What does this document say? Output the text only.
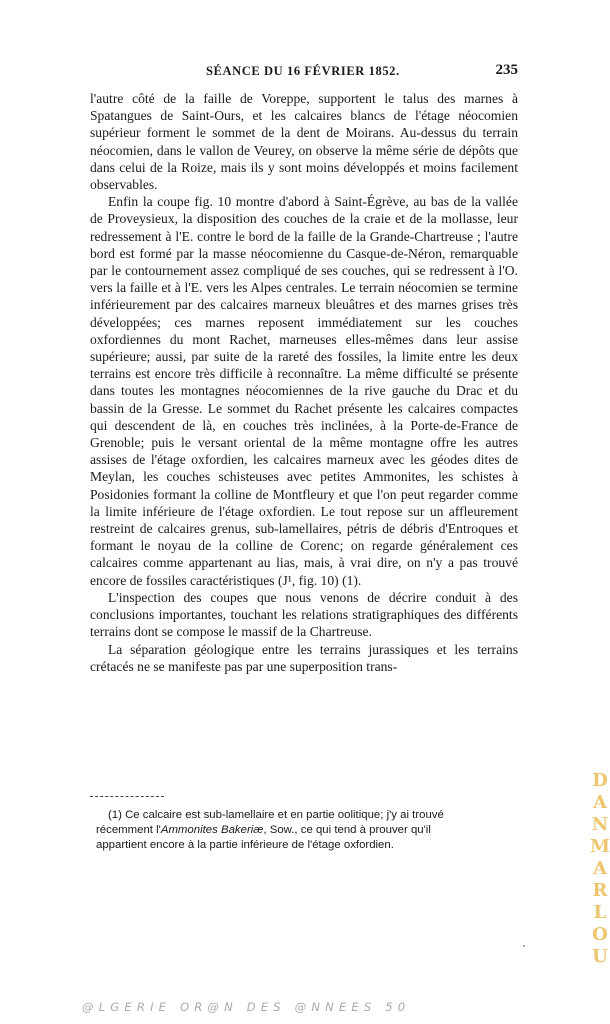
SÉANCE DU 16 FÉVRIER 1852.	235

l'autre côté de la faille de Voreppe, supportent le talus des marnes à Spatangues de Saint-Ours, et les calcaires blancs de l'étage néocomien supérieur forment le sommet de la dent de Moirans. Au-dessus du terrain néocomien, dans le vallon de Veurey, on observe la même série de dépôts que dans celui de la Roize, mais ils y sont moins développés et moins facilement observables.

Enfin la coupe fig. 10 montre d'abord à Saint-Égrève, au bas de la vallée de Proveysieux, la disposition des couches de la craie et de la mollasse, leur redressement à l'E. contre le bord de la faille de la Grande-Chartreuse ; l'autre bord est formé par la masse néocomienne du Casque-de-Néron, remarquable par le contournement assez compliqué de ses couches, qui se redressent à l'O. vers la faille et à l'E. vers les Alpes centrales. Le terrain néocomien se termine inférieurement par des calcaires marneux bleuâtres et des marnes grises très développées; ces marnes reposent immédiatement sur les couches oxfordiennes du mont Rachet, marneuses elles-mêmes dans leur assise supérieure; aussi, par suite de la rareté des fossiles, la limite entre les deux terrains est encore très difficile à reconnaître. La même difficulté se présente dans toutes les montagnes néocomiennes de la rive gauche du Drac et du bassin de la Gresse. Le sommet du Rachet présente les calcaires compactes qui descendent de là, en couches très inclinées, à la Porte-de-France de Grenoble; puis le versant oriental de la même montagne offre les autres assises de l'étage oxfordien, les calcaires marneux avec les géodes dites de Meylan, les couches schisteuses avec petites Ammonites, les schistes à Posidonies formant la colline de Montfleury et que l'on peut regarder comme la limite inférieure de l'étage oxfordien. Le tout repose sur un affleurement restreint de calcaires grenus, sub-lamellaires, pétris de débris d'Entroques et formant le noyau de la colline de Corenc; on regarde généralement ces calcaires comme appartenant au lias, mais, à vrai dire, on n'y a pas trouvé encore de fossiles caractéristiques (J¹, fig. 10) (1).

L'inspection des coupes que nous venons de décrire conduit à des conclusions importantes, touchant les relations stratigraphiques des différents terrains dont se compose le massif de la Chartreuse.

La séparation géologique entre les terrains jurassiques et les terrains crétacés ne se manifeste pas par une superposition trans-

(1) Ce calcaire est sub-lamellaire et en partie oolitique; j'y ai trouvé
récemment l'Ammonites Bakeriæ, Sow., ce qui tend à prouver qu'il
appartient encore à la partie inférieure de l'étage oxfordien.
DANMARLOU
@LGERIE OR@N DES @NNEES 50
